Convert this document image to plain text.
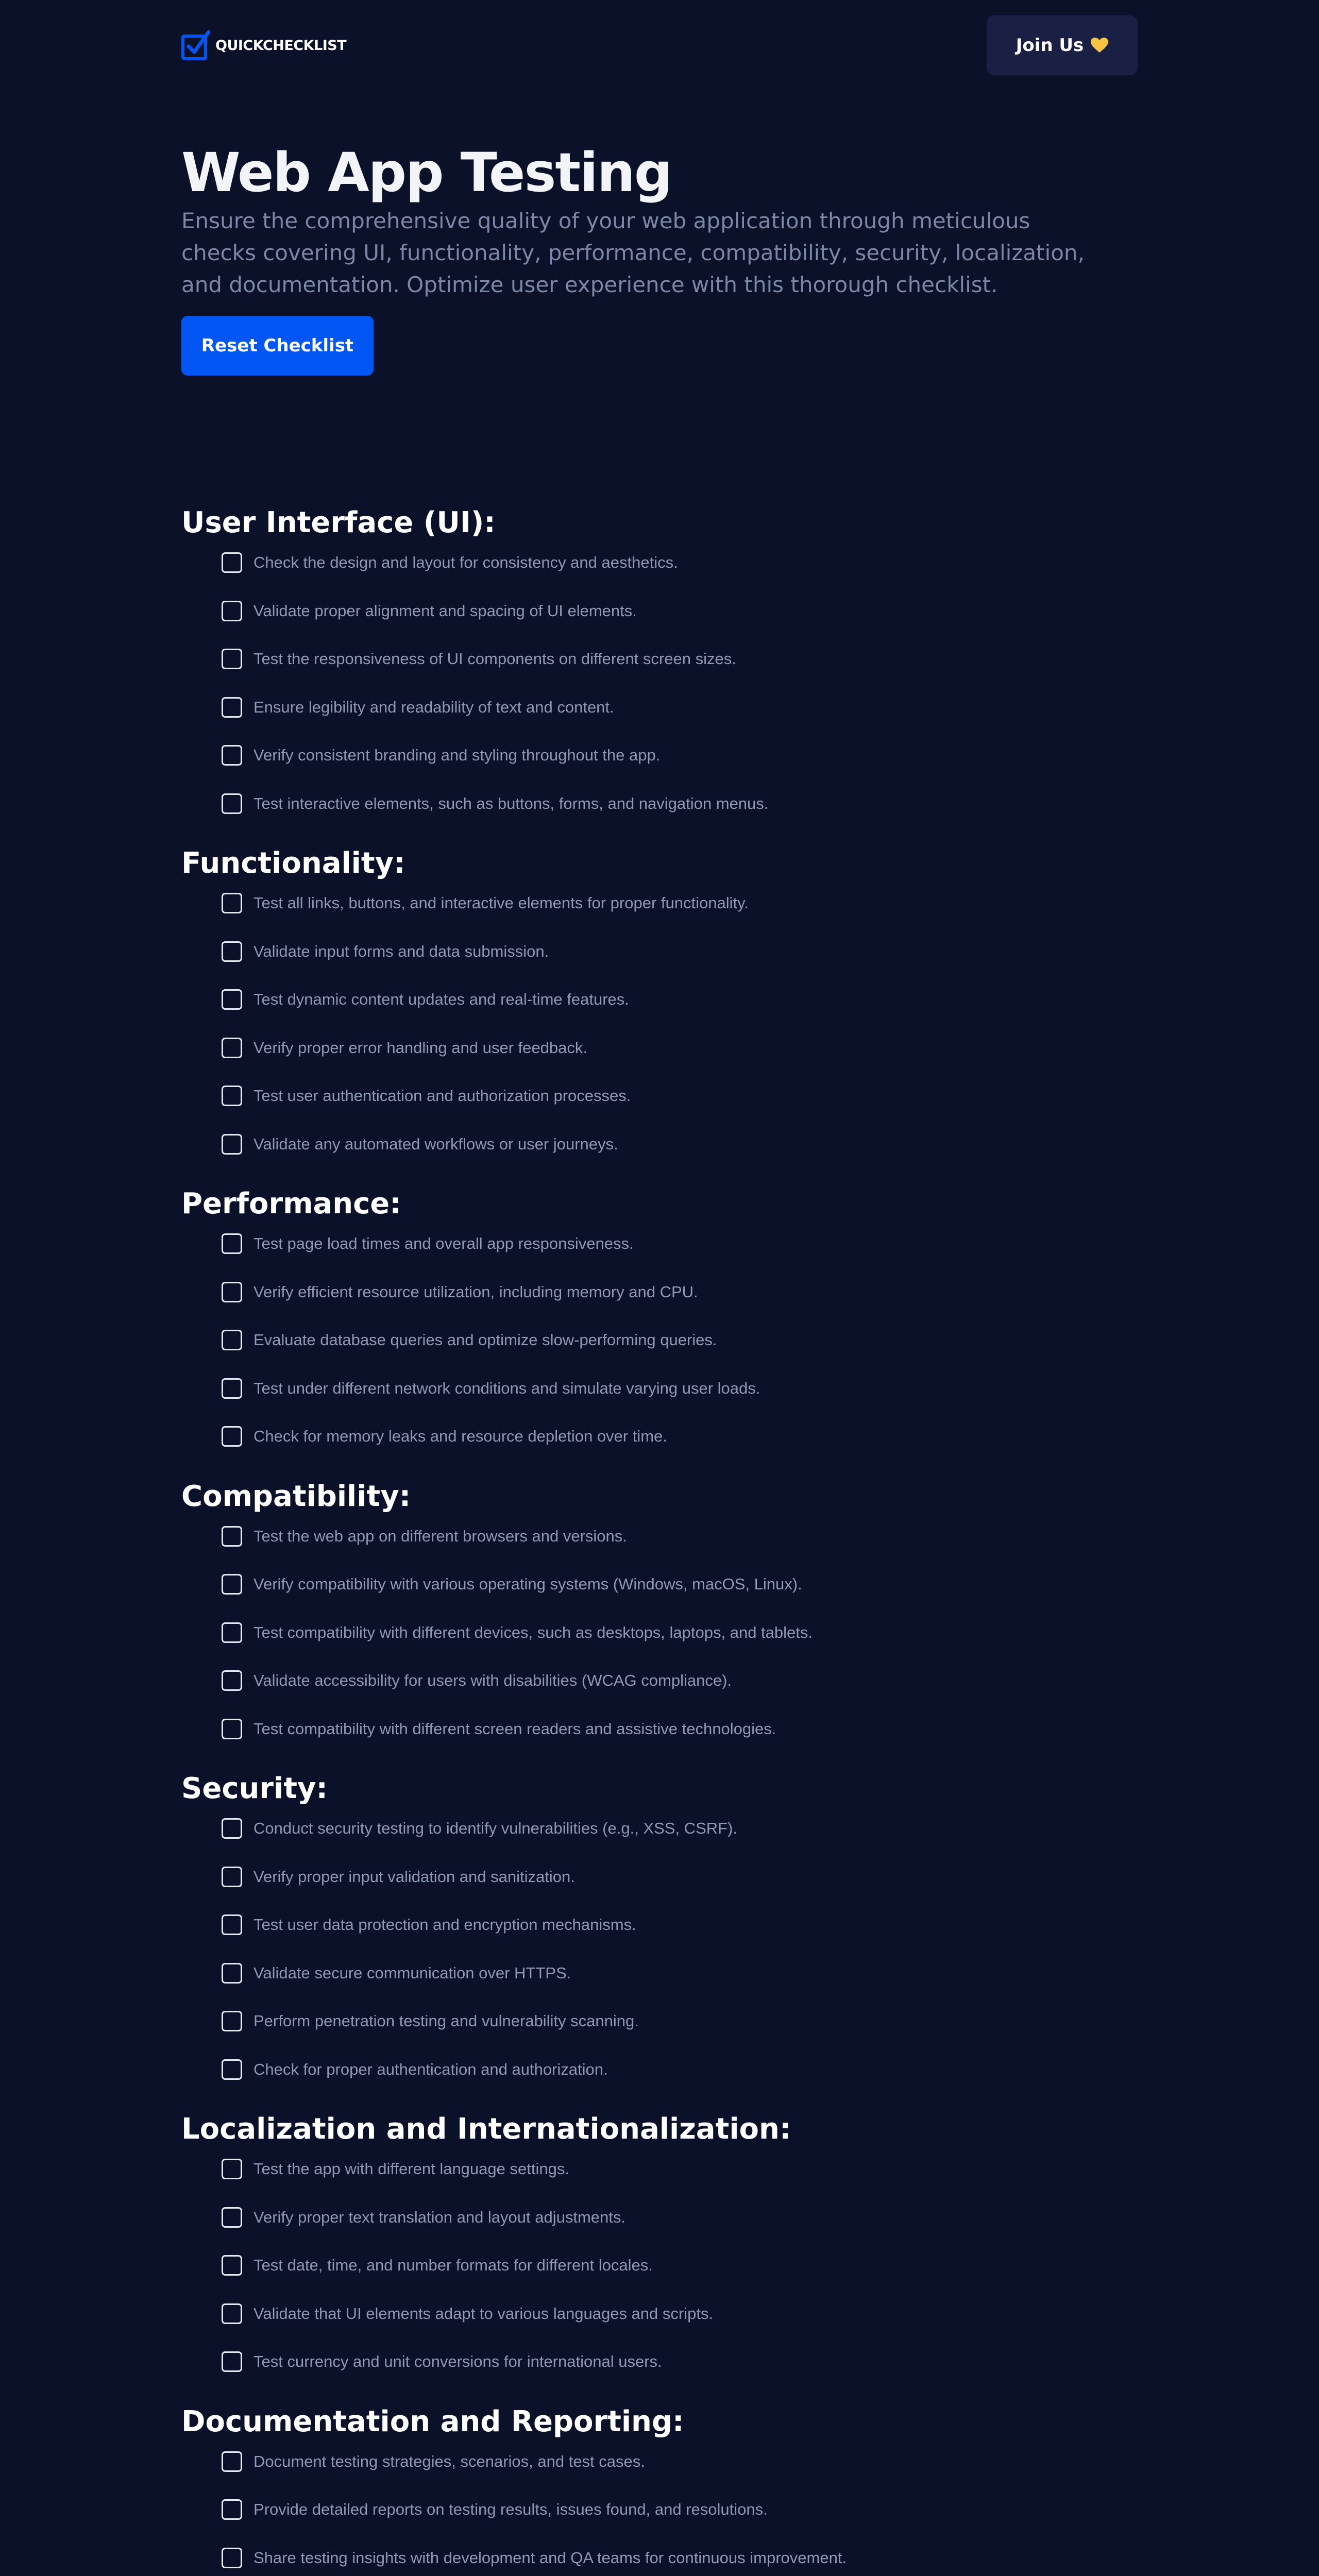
QUICKCHECKLIST	Join Us
Web App Testing

Ensure the comprehensive quality of your web application through meticulous checks covering UI, functionality, performance, compatibility, security, localization, and documentation. Optimize user experience with this thorough checklist.

Reset Checklist
User Interface (UI):
Check the design and layout for consistency and aesthetics.
Validate proper alignment and spacing of UI elements.
Test the responsiveness of UI components on different screen sizes.
Ensure legibility and readability of text and content.
Verify consistent branding and styling throughout the app.
Test interactive elements, such as buttons, forms, and navigation menus.
Functionality:
Test all links, buttons, and interactive elements for proper functionality.
Validate input forms and data submission.
Test dynamic content updates and real-time features.
Verify proper error handling and user feedback.
Test user authentication and authorization processes.
Validate any automated workflows or user journeys.
Performance:
Test page load times and overall app responsiveness.
Verify efficient resource utilization, including memory and CPU.
Evaluate database queries and optimize slow-performing queries.
Test under different network conditions and simulate varying user loads.
Check for memory leaks and resource depletion over time.
Compatibility:
Test the web app on different browsers and versions.
Verify compatibility with various operating systems (Windows, macOS, Linux).
Test compatibility with different devices, such as desktops, laptops, and tablets.
Validate accessibility for users with disabilities (WCAG compliance).
Test compatibility with different screen readers and assistive technologies.
Security:
Conduct security testing to identify vulnerabilities (e.g., XSS, CSRF).
Verify proper input validation and sanitization.
Test user data protection and encryption mechanisms.
Validate secure communication over HTTPS.
Perform penetration testing and vulnerability scanning.
Check for proper authentication and authorization.
Localization and Internationalization:
Test the app with different language settings.
Verify proper text translation and layout adjustments.
Test date, time, and number formats for different locales.
Validate that UI elements adapt to various languages and scripts.
Test currency and unit conversions for international users.
Documentation and Reporting:
Document testing strategies, scenarios, and test cases.
Provide detailed reports on testing results, issues found, and resolutions.
Share testing insights with development and QA teams for continuous improvement.
